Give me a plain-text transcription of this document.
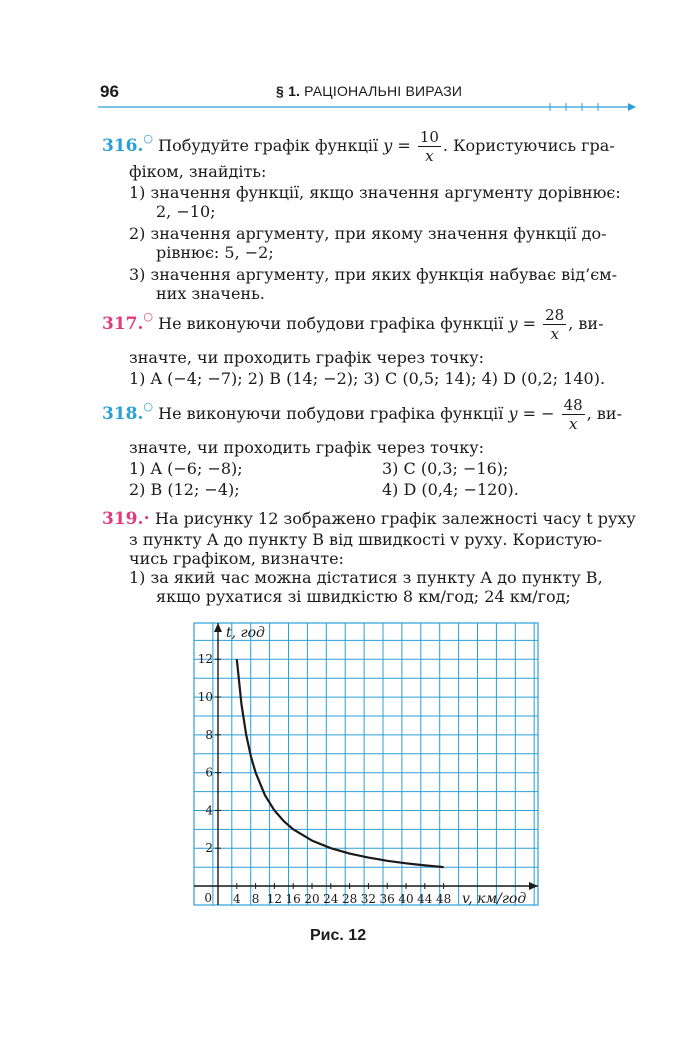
96	§ 1. РАЦІОНАЛЬНІ ВИРАЗИ
316.○ Побудуйте графік функції $y = \frac{10}{x}$ . Користуючись гра-
фіком, знайдіть:
1) значення функції, якщо значення аргументу дорівнює:
2, −10;
2) значення аргументу, при якому значення функції до-
рівнює: 5, −2;
3) значення аргументу, при яких функція набуває від’єм-
них значень.
317.○ Не виконуючи побудови графіка функції $y = \frac{28}{x}$ , ви-
значте, чи проходить графік через точку:
1) A (−4; −7); 2) B (14; −2); 3) C (0,5; 14); 4) D (0,2; 140).
318.○ Не виконуючи побудови графіка функції y = − $\frac{48}{x}$ , ви-
значте, чи проходить графік через точку:
1) A (−6; −8);	3) C (0,3; −16);
2) B (12; −4);	4) D (0,4; −120).
319.• На рисунку 12 зображено графік залежності часу t руху
з пункту A до пункту B від швидкості v руху. Користую-
чись графіком, визначте:
1) за який час можна дістатися з пункту A до пункту B,
якщо рухатися зі швидкістю 8 км/год; 24 км/год;
4 8 12 16 20 24 28 32 36 40 44 48
2
4
6
8
10
12
0
t, год
v, км/год
Рис. 12
